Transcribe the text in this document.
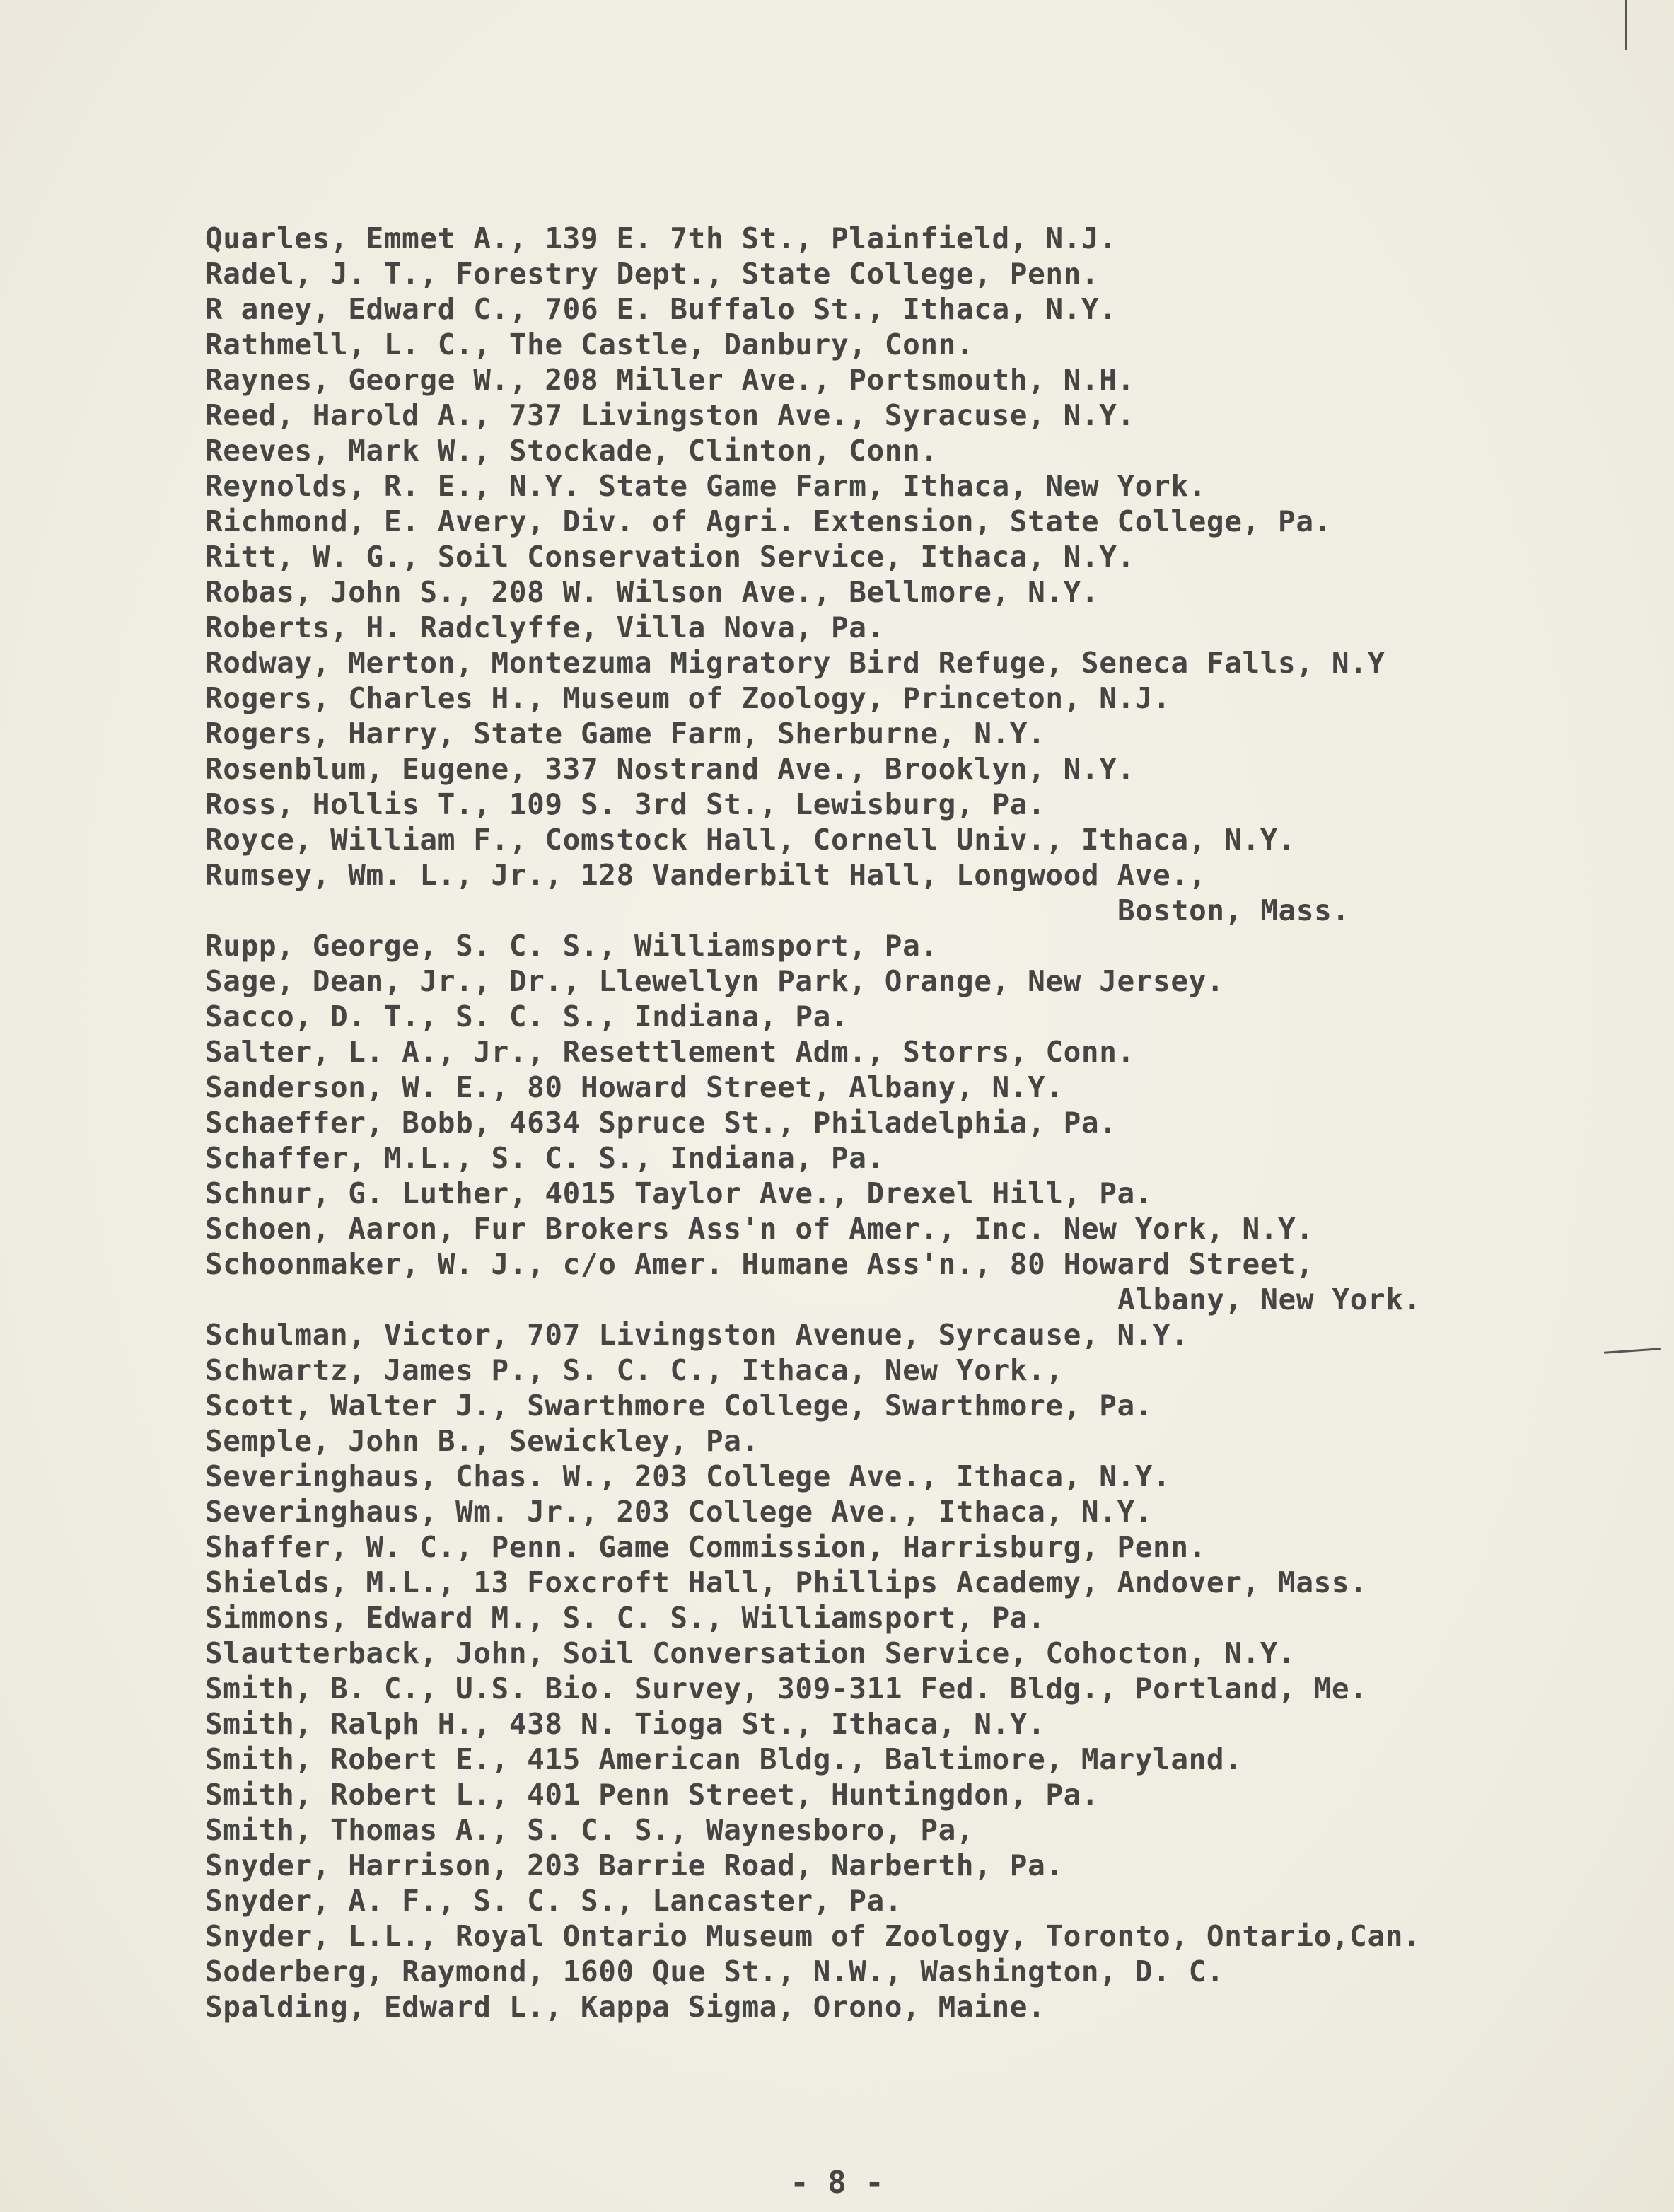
Quarles, Emmet A., 139 E. 7th St., Plainfield, N.J.
Radel, J. T., Forestry Dept., State College, Penn.
R aney, Edward C., 706 E. Buffalo St., Ithaca, N.Y.
Rathmell, L. C., The Castle, Danbury, Conn.
Raynes, George W., 208 Miller Ave., Portsmouth, N.H.
Reed, Harold A., 737 Livingston Ave., Syracuse, N.Y.
Reeves, Mark W., Stockade, Clinton, Conn.
Reynolds, R. E., N.Y. State Game Farm, Ithaca, New York.
Richmond, E. Avery, Div. of Agri. Extension, State College, Pa.
Ritt, W. G., Soil Conservation Service, Ithaca, N.Y.
Robas, John S., 208 W. Wilson Ave., Bellmore, N.Y.
Roberts, H. Radclyffe, Villa Nova, Pa.
Rodway, Merton, Montezuma Migratory Bird Refuge, Seneca Falls, N.Y
Rogers, Charles H., Museum of Zoology, Princeton, N.J.
Rogers, Harry, State Game Farm, Sherburne, N.Y.
Rosenblum, Eugene, 337 Nostrand Ave., Brooklyn, N.Y.
Ross, Hollis T., 109 S. 3rd St., Lewisburg, Pa.
Royce, William F., Comstock Hall, Cornell Univ., Ithaca, N.Y.
Rumsey, Wm. L., Jr., 128 Vanderbilt Hall, Longwood Ave.,
Boston, Mass.
Rupp, George, S. C. S., Williamsport, Pa.
Sage, Dean, Jr., Dr., Llewellyn Park, Orange, New Jersey.
Sacco, D. T., S. C. S., Indiana, Pa.
Salter, L. A., Jr., Resettlement Adm., Storrs, Conn.
Sanderson, W. E., 80 Howard Street, Albany, N.Y.
Schaeffer, Bobb, 4634 Spruce St., Philadelphia, Pa.
Schaffer, M.L., S. C. S., Indiana, Pa.
Schnur, G. Luther, 4015 Taylor Ave., Drexel Hill, Pa.
Schoen, Aaron, Fur Brokers Ass'n of Amer., Inc. New York, N.Y.
Schoonmaker, W. J., c/o Amer. Humane Ass'n., 80 Howard Street,
Albany, New York.
Schulman, Victor, 707 Livingston Avenue, Syrcause, N.Y.
Schwartz, James P., S. C. C., Ithaca, New York.,
Scott, Walter J., Swarthmore College, Swarthmore, Pa.
Semple, John B., Sewickley, Pa.
Severinghaus, Chas. W., 203 College Ave., Ithaca, N.Y.
Severinghaus, Wm. Jr., 203 College Ave., Ithaca, N.Y.
Shaffer, W. C., Penn. Game Commission, Harrisburg, Penn.
Shields, M.L., 13 Foxcroft Hall, Phillips Academy, Andover, Mass.
Simmons, Edward M., S. C. S., Williamsport, Pa.
Slautterback, John, Soil Conversation Service, Cohocton, N.Y.
Smith, B. C., U.S. Bio. Survey, 309-311 Fed. Bldg., Portland, Me.
Smith, Ralph H., 438 N. Tioga St., Ithaca, N.Y.
Smith, Robert E., 415 American Bldg., Baltimore, Maryland.
Smith, Robert L., 401 Penn Street, Huntingdon, Pa.
Smith, Thomas A., S. C. S., Waynesboro, Pa,
Snyder, Harrison, 203 Barrie Road, Narberth, Pa.
Snyder, A. F., S. C. S., Lancaster, Pa.
Snyder, L.L., Royal Ontario Museum of Zoology, Toronto, Ontario,Can.
Soderberg, Raymond, 1600 Que St., N.W., Washington, D. C.
Spalding, Edward L., Kappa Sigma, Orono, Maine.
- 8 -
